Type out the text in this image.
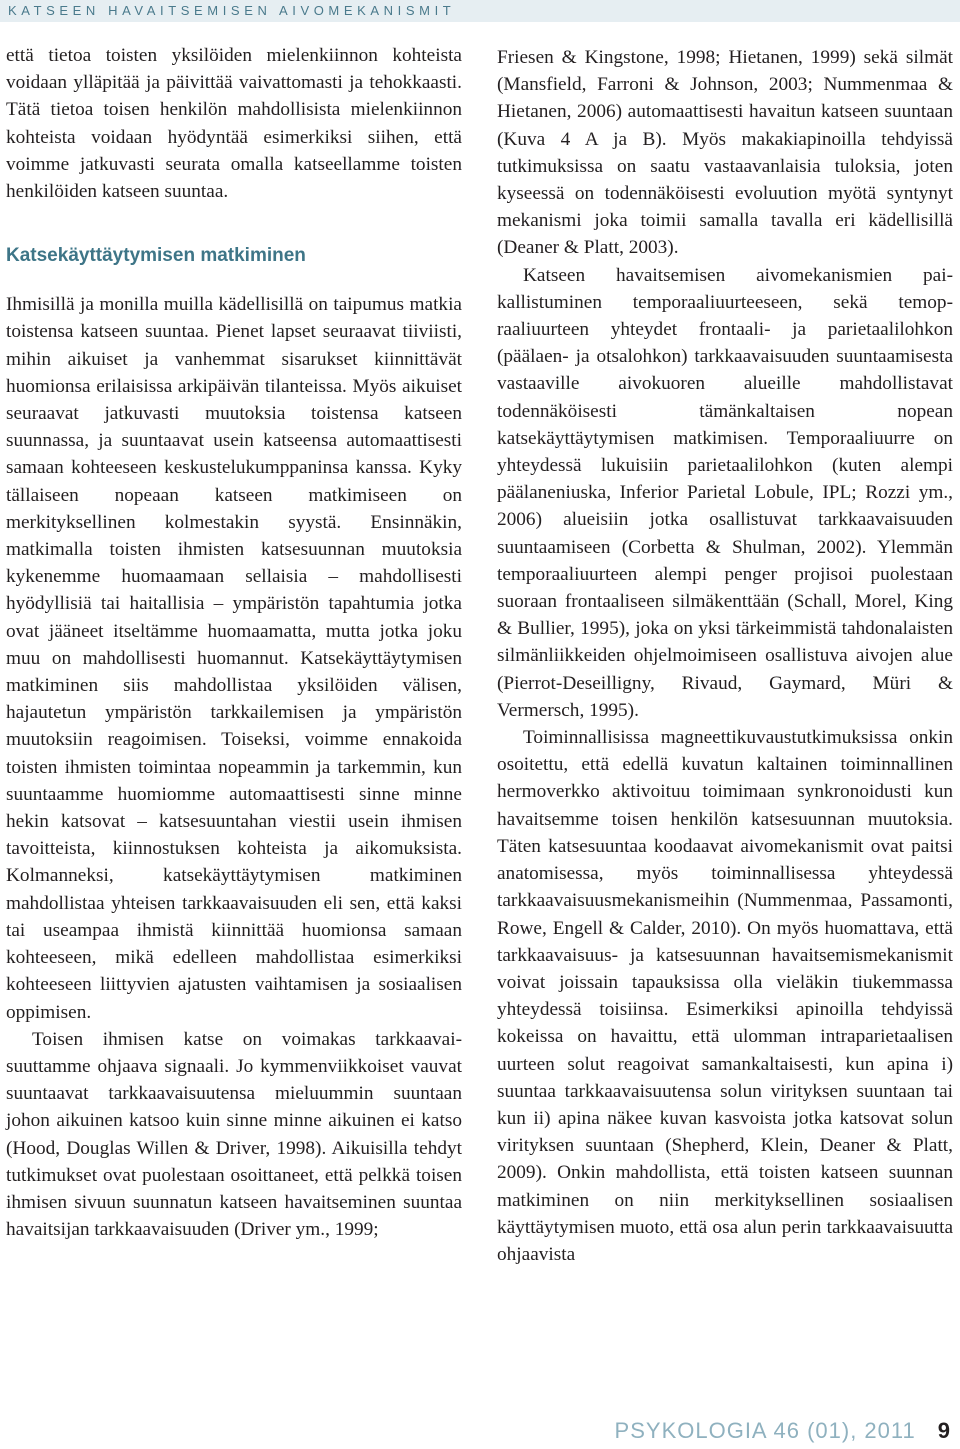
KATSEEN HAVAITSEMISEN AIVOMEKANISMIT

että tietoa toisten yksilöiden mielenkiinnon kohteista voidaan ylläpitää ja päivittää vaivattomasti ja tehokkaasti. Tätä tietoa toisen henkilön mahdollisista mielenkiinnon kohteista voidaan hyödyntää esimerkiksi siihen, että voimme jatkuvasti seurata omalla katseellamme toisten henkilöiden katseen suuntaa.

Katsekäyttäytymisen matkiminen

Ihmisillä ja monilla muilla kädellisillä on taipumus matkia toistensa katseen suuntaa. Pienet lapset seuraavat tiiviisti, mihin aikuiset ja vanhemmat sisarukset kiinnittävät huomionsa erilaisissa arkipäivän tilanteissa. Myös aikuiset seuraavat jatkuvasti muutoksia toistensa katseen suunnassa, ja suuntaavat usein katseensa automaattisesti samaan kohteeseen keskustelukumppaninsa kanssa. Kyky tällaiseen nopeaan katseen matkimiseen on merkityksellinen kolmestakin syystä. Ensinnäkin, matkimalla toisten ihmisten katsesuunnan muutoksia kykenemme huomaamaan sellaisia – mahdollisesti hyödyllisiä tai haitallisia – ympäristön tapahtumia jotka ovat jääneet itseltämme huomaamatta, mutta jotka joku muu on mahdollisesti huomannut. Katsekäyttäytymisen matkiminen siis mahdollistaa yksilöiden välisen, hajautetun ympäristön tarkkailemisen ja ympäristön muutoksiin reagoimisen. Toiseksi, voimme ennakoida toisten ihmisten toimintaa nopeammin ja tarkemmin, kun suuntaamme huomiomme automaattisesti sinne minne hekin katsovat – katsesuuntahan viestii usein ihmisen tavoitteista, kiinnostuksen kohteista ja aikomuksista. Kolmanneksi, katsekäyttäytymisen matkiminen mahdollistaa yhteisen tarkkaavaisuuden eli sen, että kaksi tai useampaa ihmistä kiinnittää huomionsa samaan kohteeseen, mikä edelleen mahdollistaa esimerkiksi kohteeseen liittyvien ajatusten vaihtamisen ja sosiaalisen oppimisen.

Toisen ihmisen katse on voimakas tarkkaavaisuuttamme ohjaava signaali. Jo kymmenviikkoiset vauvat suuntaavat tarkkaavaisuutensa mieluummin suuntaan johon aikuinen katsoo kuin sinne minne aikuinen ei katso (Hood, Douglas Willen & Driver, 1998). Aikuisilla tehdyt tutkimukset ovat puolestaan osoittaneet, että pelkkä toisen ihmisen sivuun suunnatun katseen havaitseminen suuntaa havaitsijan tarkkaavaisuuden (Driver ym., 1999;

Friesen & Kingstone, 1998; Hietanen, 1999) sekä silmät (Mansfield, Farroni & Johnson, 2003; Nummenmaa & Hietanen, 2006) automaattisesti havaitun katseen suuntaan (Kuva 4 A ja B). Myös makakiapinoilla tehdyissä tutkimuksissa on saatu vastaavanlaisia tuloksia, joten kyseessä on todennäköisesti evoluution myötä syntynyt mekanismi joka toimii samalla tavalla eri kädellisillä (Deaner & Platt, 2003).

Katseen havaitsemisen aivomekanismien paikallistuminen temporaaliuurteeseen, sekä temopraaliuurteen yhteydet frontaali- ja parietaalilohkon (päälaen- ja otsalohkon) tarkkaavaisuuden suuntaamisesta vastaaville aivokuoren alueille mahdollistavat todennäköisesti tämänkaltaisen nopean katsekäyttäytymisen matkimisen. Temporaaliuurre on yhteydessä lukuisiin parietaalilohkon (kuten alempi päälaneniuska, Inferior Parietal Lobule, IPL; Rozzi ym., 2006) alueisiin jotka osallistuvat tarkkaavaisuuden suuntaamiseen (Corbetta & Shulman, 2002). Ylemmän temporaaliuurteen alempi penger projisoi puolestaan suoraan frontaaliseen silmäkenttään (Schall, Morel, King & Bullier, 1995), joka on yksi tärkeimmistä tahdonalaisten silmänliikkeiden ohjelmoimiseen osallistuva aivojen alue (Pierrot-Deseilligny, Rivaud, Gaymard, Müri & Vermersch, 1995).

Toiminnallisissa magneettikuvaustutkimuksissa onkin osoitettu, että edellä kuvatun kaltainen toiminnallinen hermoverkko aktivoituu toimimaan synkronoidusti kun havaitsemme toisen henkilön katsesuunnan muutoksia. Täten katsesuuntaa koodaavat aivomekanismit ovat paitsi anatomisessa, myös toiminnallisessa yhteydessä tarkkaavaisuusmekanismeihin (Nummenmaa, Passamonti, Rowe, Engell & Calder, 2010). On myös huomattava, että tarkkaavaisuus- ja katsesuunnan havaitsemismekanismit voivat joissain tapauksissa olla vieläkin tiukemmassa yhteydessä toisiinsa. Esimerkiksi apinoilla tehdyissä kokeissa on havaittu, että ulomman intraparietaalisen uurteen solut reagoivat samankaltaisesti, kun apina i) suuntaa tarkkaavaisuutensa solun virityksen suuntaan tai kun ii) apina näkee kuvan kasvoista jotka katsovat solun virityksen suuntaan (Shepherd, Klein, Deaner & Platt, 2009). Onkin mahdollista, että toisten katseen suunnan matkiminen on niin merkityksellinen sosiaalisen käyttäytymisen muoto, että osa alun perin tarkkaavaisuutta ohjaavista

PSYKOLOGIA 46 (01), 2011 9
